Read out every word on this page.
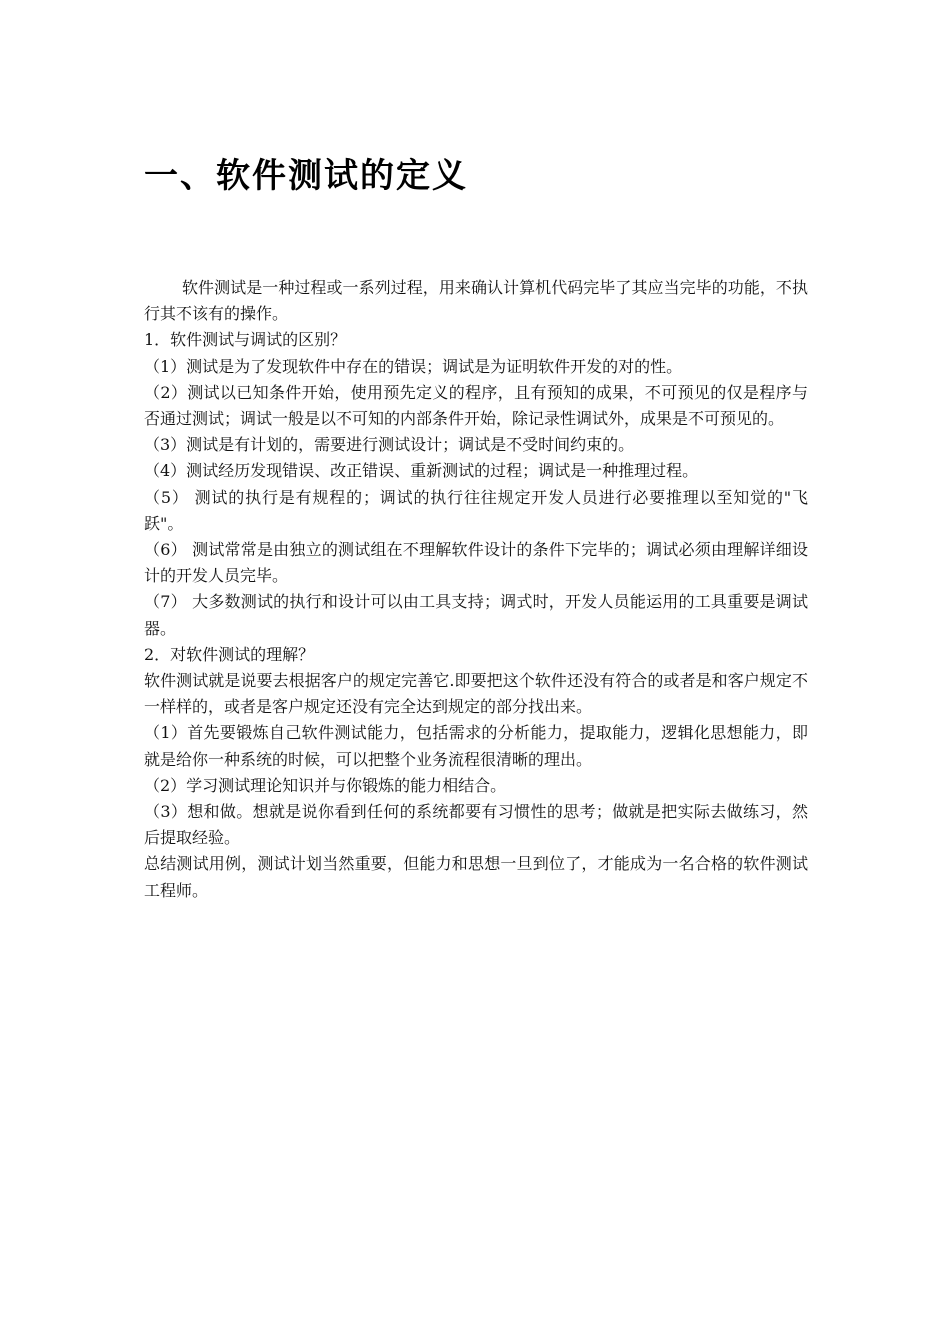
一、软件测试的定义

软件测试是一种过程或一系列过程，用来确认计算机代码完毕了其应当完毕的功能，不执行其不该有的操作。

1．软件测试与调试的区别？

（1）测试是为了发现软件中存在的错误；调试是为证明软件开发的对的性。

（2）测试以已知条件开始，使用预先定义的程序，且有预知的成果，不可预见的仅是程序与否通过测试；调试一般是以不可知的内部条件开始，除记录性调试外，成果是不可预见的。

（3）测试是有计划的，需要进行测试设计；调试是不受时间约束的。

（4）测试经历发现错误、改正错误、重新测试的过程；调试是一种推理过程。

（5） 测试的执行是有规程的；调试的执行往往规定开发人员进行必要推理以至知觉的"飞跃"。

（6） 测试常常是由独立的测试组在不理解软件设计的条件下完毕的；调试必须由理解详细设计的开发人员完毕。

（7） 大多数测试的执行和设计可以由工具支持；调式时，开发人员能运用的工具重要是调试器。

2．对软件测试的理解？

软件测试就是说要去根据客户的规定完善它.即要把这个软件还没有符合的或者是和客户规定不一样样的，或者是客户规定还没有完全达到规定的部分找出来。

（1）首先要锻炼自己软件测试能力，包括需求的分析能力，提取能力，逻辑化思想能力，即就是给你一种系统的时候，可以把整个业务流程很清晰的理出。

（2）学习测试理论知识并与你锻炼的能力相结合。

（3）想和做。想就是说你看到任何的系统都要有习惯性的思考；做就是把实际去做练习，然后提取经验。

总结测试用例，测试计划当然重要，但能力和思想一旦到位了，才能成为一名合格的软件测试工程师。
